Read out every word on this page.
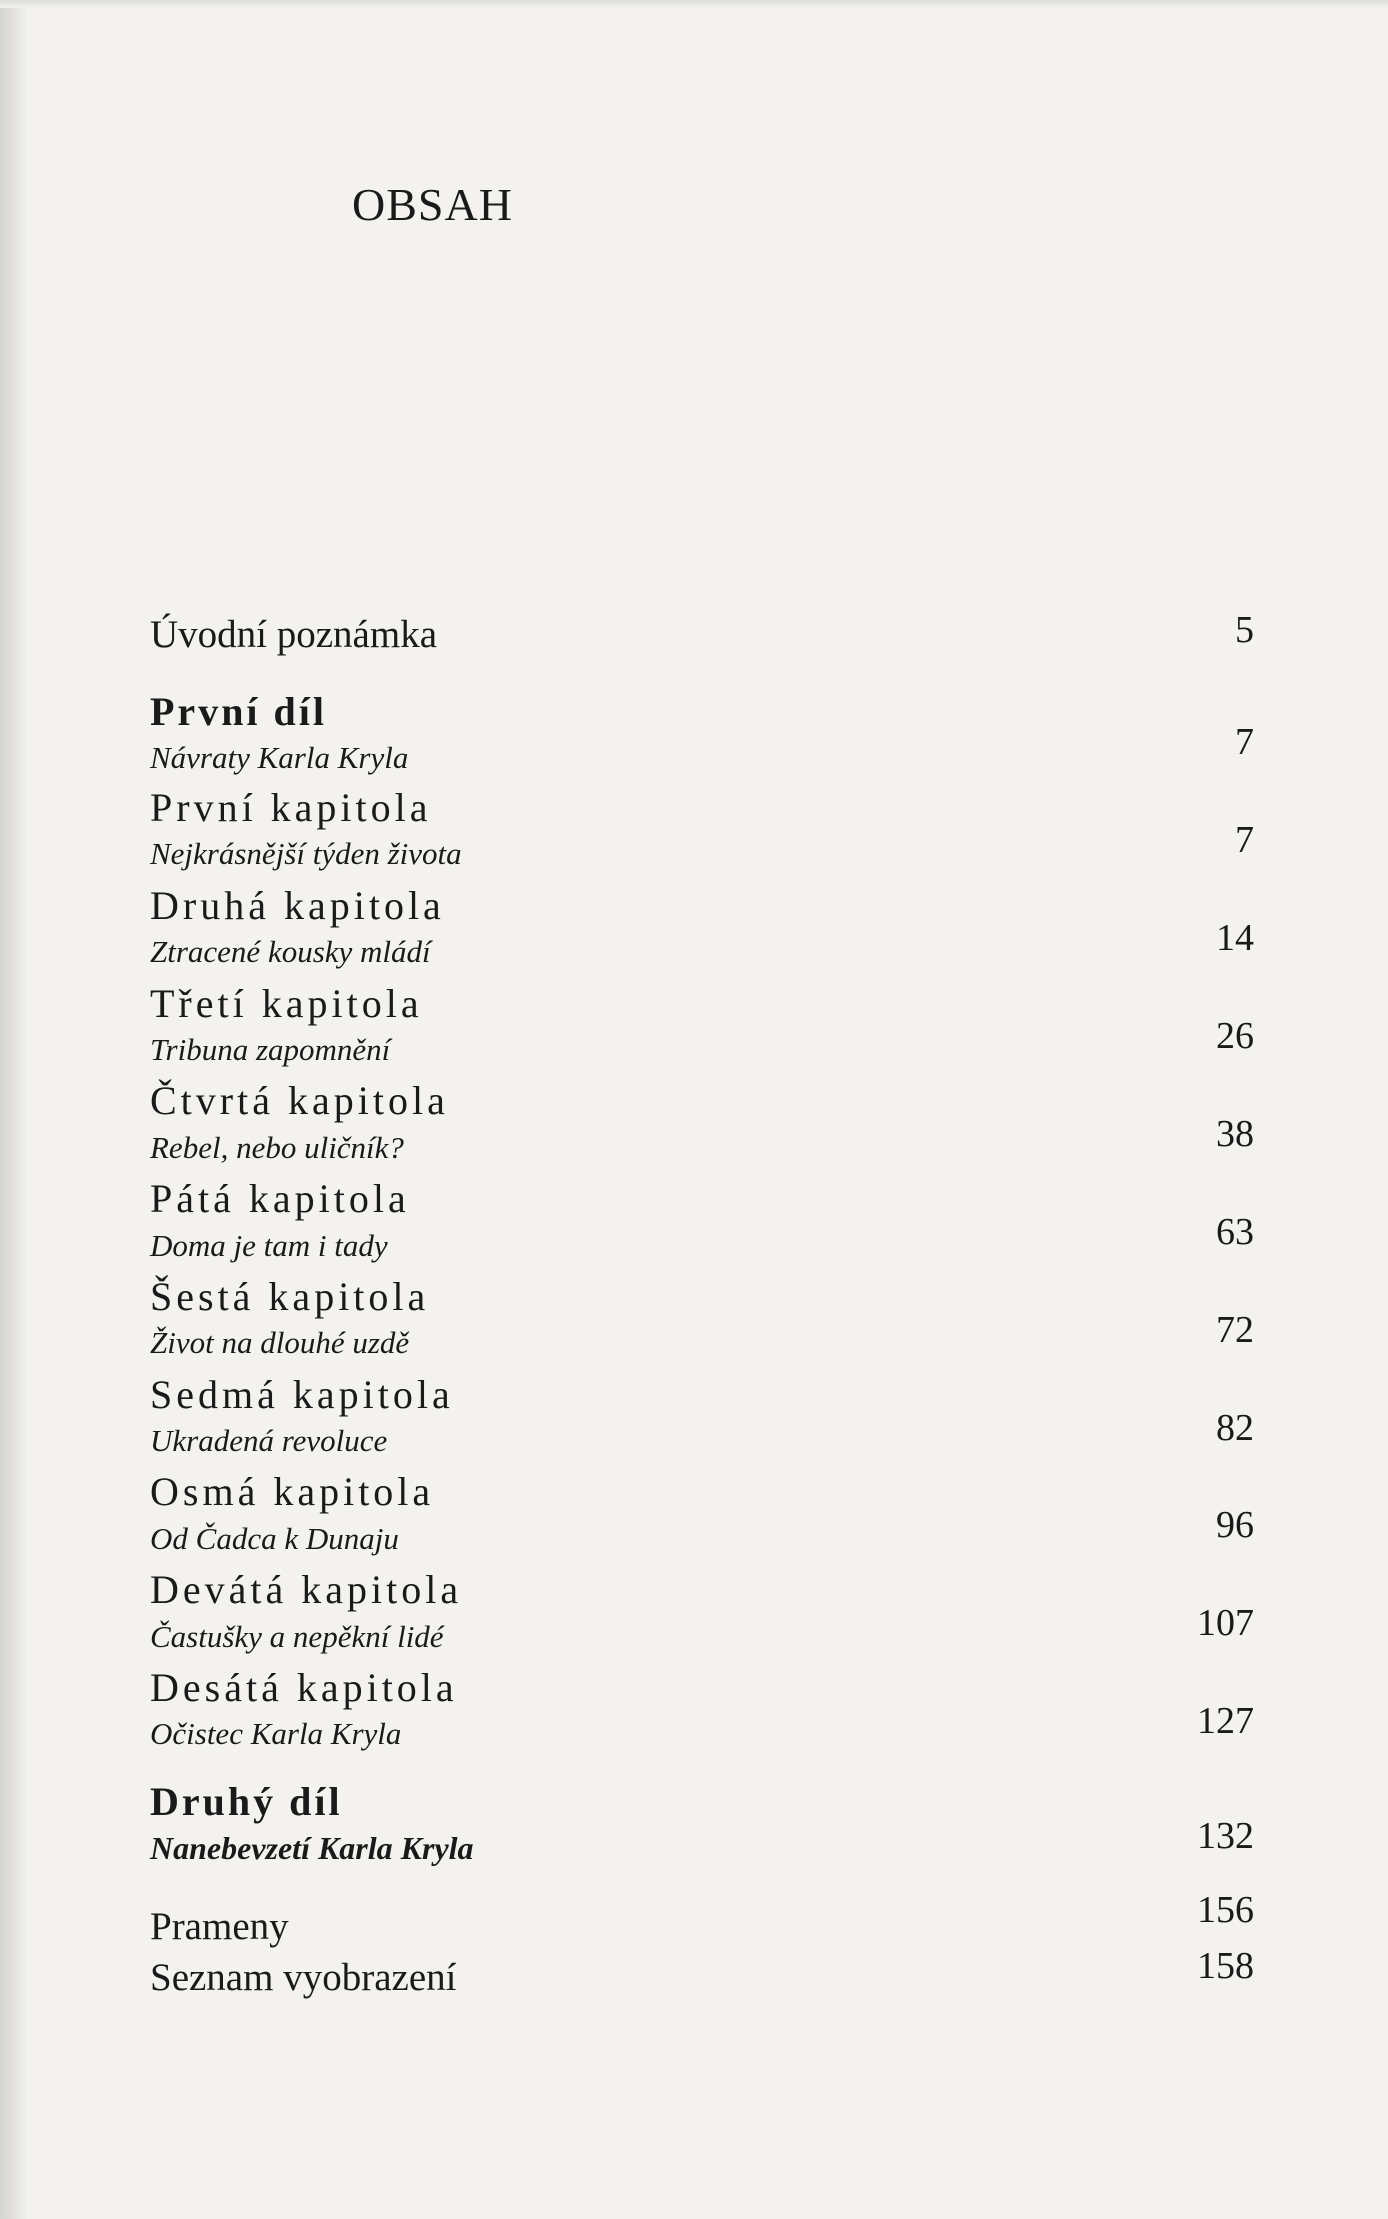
OBSAH
Úvodní poznámka	5
První díl
Návraty Karla Kryla	7
První kapitola
Nejkrásnější týden života	7
Druhá kapitola
Ztracené kousky mládí	14
Třetí kapitola
Tribuna zapomnění	26
Čtvrtá kapitola
Rebel, nebo uličník?	38
Pátá kapitola
Doma je tam i tady	63
Šestá kapitola
Život na dlouhé uzdě	72
Sedmá kapitola
Ukradená revoluce	82
Osmá kapitola
Od Čadca k Dunaju	96
Devátá kapitola
Častušky a nepěkní lidé	107
Desátá kapitola
Očistec Karla Kryla	127
Druhý díl
Nanebevzetí Karla Kryla	132
Prameny	156
Seznam vyobrazení	158
